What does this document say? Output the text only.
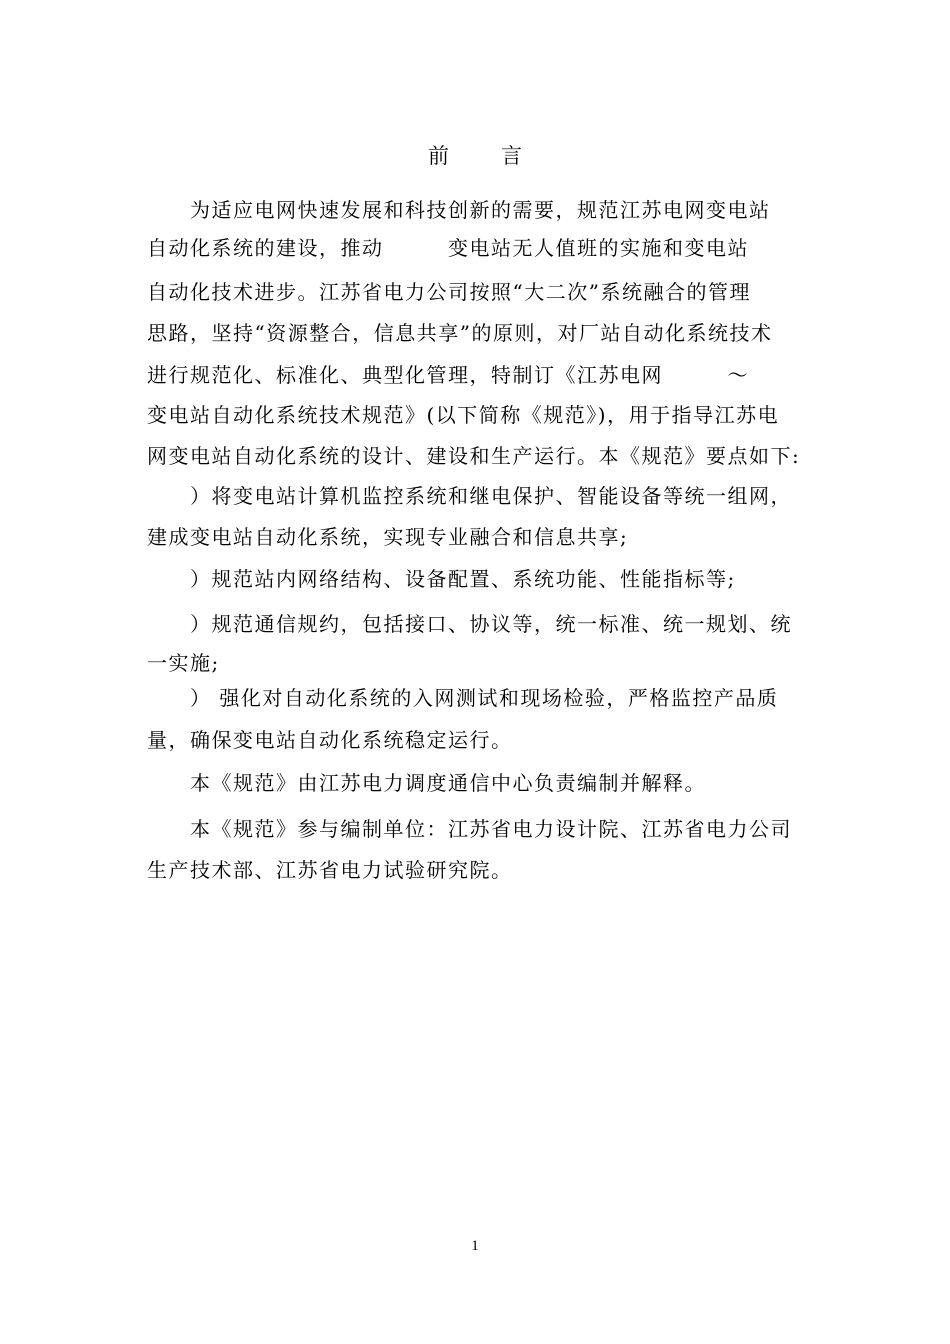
前 言
　　为适应电网快速发展和科技创新的需要，规范江苏电网变电站
自动化系统的建设，推动　　　变电站无人值班的实施和变电站
自动化技术进步。江苏省电力公司按照“大二次”系统融合的管理
思路，坚持“资源整合，信息共享”的原则，对厂站自动化系统技术
进行规范化、标准化、典型化管理，特制订《江苏电网　　　～
变电站自动化系统技术规范》(以下简称《规范》)，用于指导江苏电
网变电站自动化系统的设计、建设和生产运行。本《规范》要点如下:
　　）将变电站计算机监控系统和继电保护、智能设备等统一组网，
建成变电站自动化系统，实现专业融合和信息共享;
　　）规范站内网络结构、设备配置、系统功能、性能指标等;
　　）规范通信规约，包括接口、协议等，统一标准、统一规划、统
一实施;
　　） 强化对自动化系统的入网测试和现场检验，严格监控产品质
量，确保变电站自动化系统稳定运行。
　　本《规范》由江苏电力调度通信中心负责编制并解释。
　　本《规范》参与编制单位：江苏省电力设计院、江苏省电力公司
生产技术部、江苏省电力试验研究院。
1
